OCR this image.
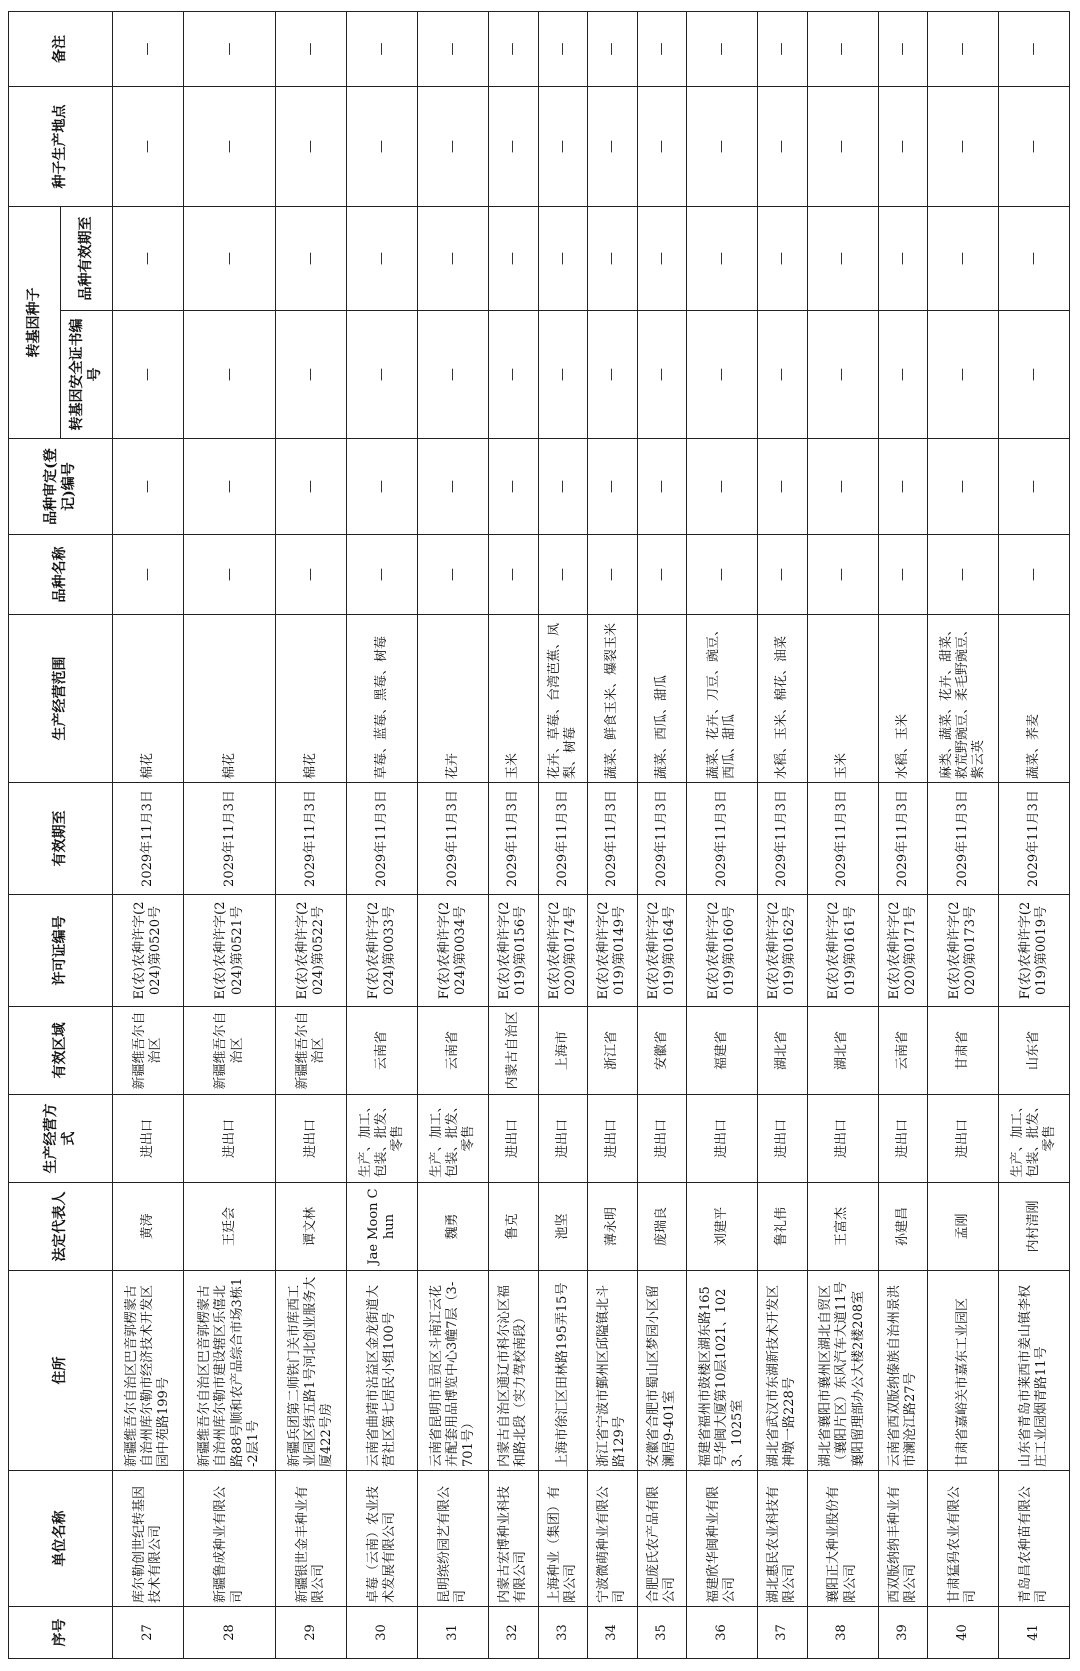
序号	单位名称	住所	法定代表人	生产经营方式	有效区域	许可证编号	有效期至	生产经营范围	品种名称	品种审定(登记)编号	转基因种子		种子生产地点	备注
											转基因安全证书编号	品种有效期至		
27	库尔勒创世纪转基因技术有限公司	新疆维吾尔自治区巴音郭楞蒙古自治州库尔勒市经济技术开发区园中苑路199号	黄涛	进出口	新疆维吾尔自治区	E(农)农种许字(2024)第0520号	2029年11月3日	棉花	—	—	—	—	—	—
28	新疆鲁成种业有限公司	新疆维吾尔自治区巴音郭楞蒙古自治州库尔勒市建设辖区乐僖北路88号顺和农产品综合市场3栋1-2层1号	王廷会	进出口	新疆维吾尔自治区	E(农)农种许字(2024)第0521号	2029年11月3日	棉花	—	—	—	—	—	—
29	新疆银世金丰种业有限公司	新疆兵团第二师铁门关市库西工业园区纬五路1号河北创业服务大厦422号房	谭文林	进出口	新疆维吾尔自治区	E(农)农种许字(2024)第0522号	2029年11月3日	棉花	—	—	—	—	—	—
30	卓莓（云南）农业技术发展有限公司	云南省曲靖市沾益区金龙街道大营社区第七居民小组100号	Jae Moon Chun	生产、加工、包装、批发、零售	云南省	F(农)农种许字(2024)第0033号	2029年11月3日	草莓、蓝莓、黑莓、树莓	—	—	—	—	—	—
31	昆明缤纷园艺有限公司	云南省昆明市呈贡区斗南江云花卉配套用品博览中心3幢7层（3-701号）	魏勇	生产、加工、包装、批发、零售	云南省	F(农)农种许字(2024)第0034号	2029年11月3日	花卉	—	—	—	—	—	—
32	内蒙古宏博种业科技有限公司	内蒙古自治区通辽市科尔沁区福和路北段（实力驾校南段）	鲁克	进出口	内蒙古自治区	E(农)农种许字(2019)第0156号	2029年11月3日	玉米	—	—	—	—	—	—
33	上海种业（集团）有限公司	上海市徐汇区田林路195弄15号	池坚	进出口	上海市	E(农)农种许字(2020)第0174号	2029年11月3日	花卉、草莓、台湾芭蕉、凤梨、树莓	—	—	—	—	—	—
34	宁波微萌种业有限公司	浙江省宁波市鄞州区邱隘镇北斗路129号	薄永明	进出口	浙江省	E(农)农种许字(2019)第0149号	2029年11月3日	蔬菜、鲜食玉米、爆裂玉米	—	—	—	—	—	—
35	合肥庞氏农产品有限公司	安徽省合肥市蜀山区梦园小区留澜居9-401室	庞瑞良	进出口	安徽省	E(农)农种许字(2019)第0164号	2029年11月3日	蔬菜、西瓜、甜瓜	—	—	—	—	—	—
36	福建欣华闽种业有限公司	福建省福州市鼓楼区湖东路165号华闽大厦第10层1021、1023、1025室	刘建平	进出口	福建省	E(农)农种许字(2019)第0160号	2029年11月3日	蔬菜、花卉、刀豆、豌豆、西瓜、甜瓜	—	—	—	—	—	—
37	湖北惠民农业科技有限公司	湖北省武汉市东湖新技术开发区神墩一路228号	鲁礼伟	进出口	湖北省	E(农)农种许字(2019)第0162号	2029年11月3日	水稻、玉米、棉花、油菜	—	—	—	—	—	—
38	襄阳正大种业股份有限公司	湖北省襄阳市襄州区湖北自贸区（襄阳片区）东风汽车大道11号襄阳留理部办公大楼2楼208室	王富杰	进出口	湖北省	E(农)农种许字(2019)第0161号	2029年11月3日	玉米	—	—	—	—	—	—
39	西双版纳纳丰种业有限公司	云南省西双版纳傣族自治州景洪市澜沧江路27号	孙建昌	进出口	云南省	E(农)农种许字(2020)第0171号	2029年11月3日	水稻、玉米	—	—	—	—	—	—
40	甘肃猛犸农业有限公司	甘肃省嘉峪关市嘉东工业园区	孟刚	进出口	甘肃省	E(农)农种许字(2020)第0173号	2029年11月3日	麻类、蔬菜、花卉、甜菜、救荒野豌豆、柔毛野豌豆、紫云英	—	—	—	—	—	—
41	青岛昌农种苗有限公司	山东省青岛市莱西市姜山镇李权庄工业园烟青路11号	内村清刚	生产、加工、包装、批发、零售	山东省	F(农)农种许字(2019)第0019号	2029年11月3日	蔬菜、荞麦	—	—	—	—	—	—
